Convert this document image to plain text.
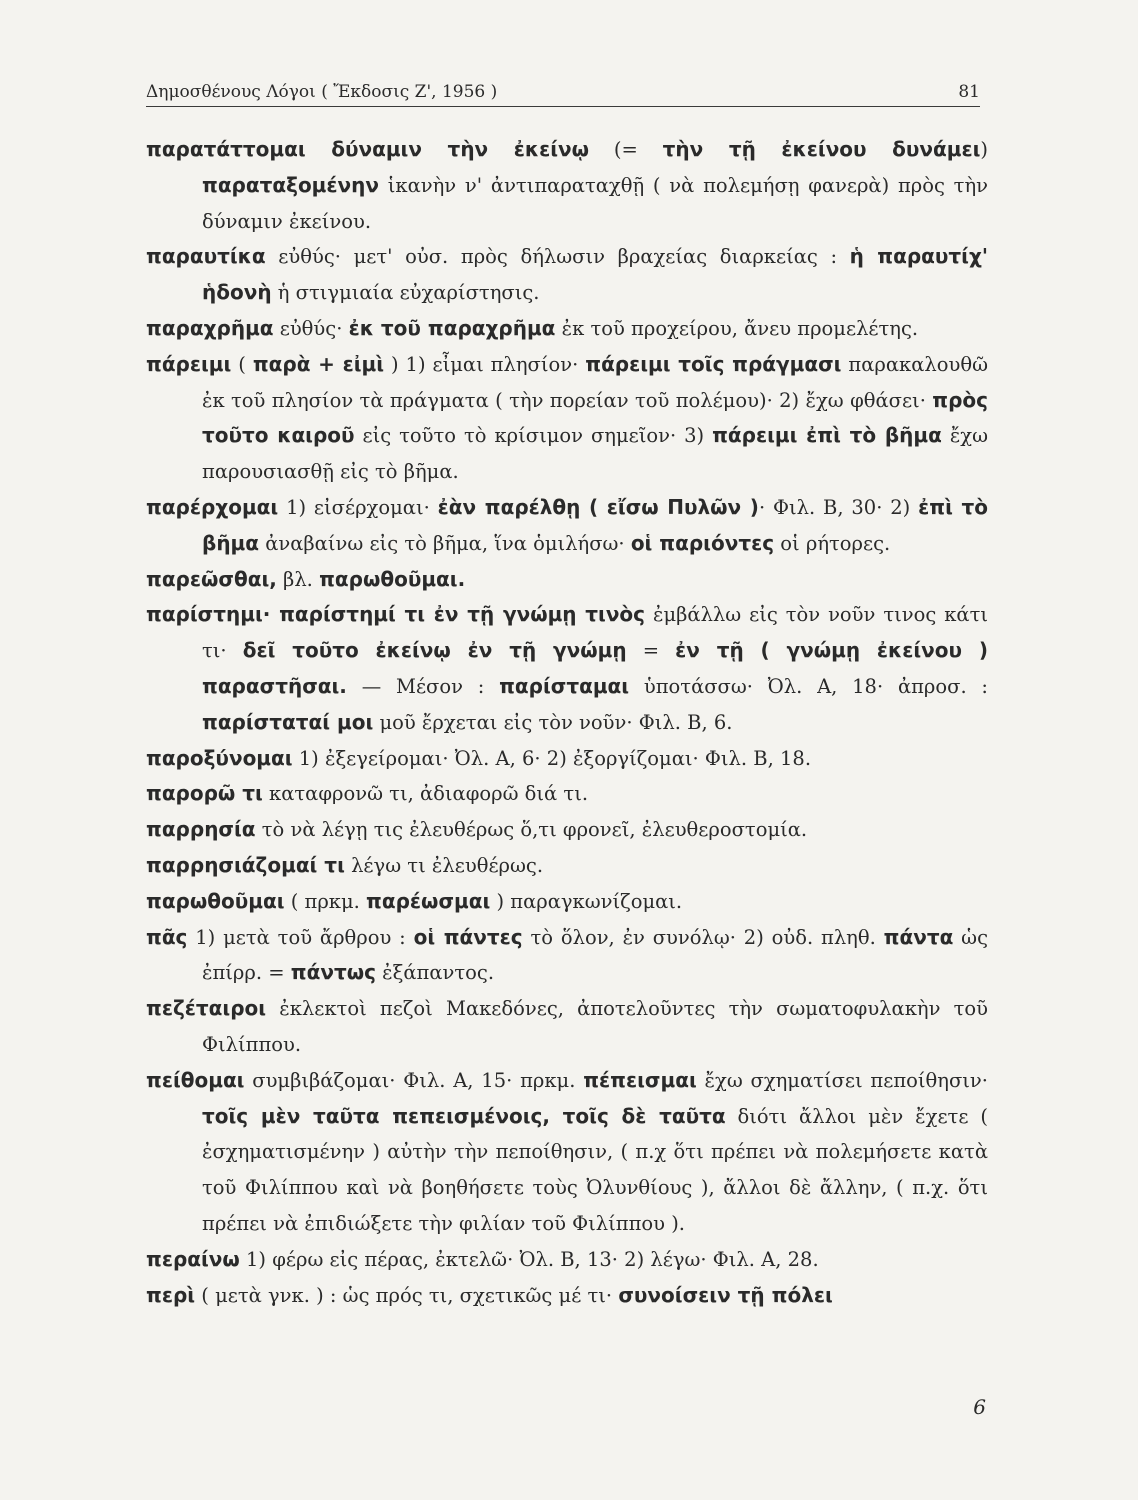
Δημοσθένους Λόγοι ( Ἔκδοσις Ζ', 1956 )	81
παρατάττομαι δύναμιν τὴν ἐκείνῳ (= τὴν τῇ ἐκείνου δυνάμει) παραταξομένην ἱκανὴν ν' ἀντιπαραταχθῇ ( νὰ πολεμήσῃ φανερὰ) πρὸς τὴν δύναμιν ἐκείνου.
παραυτίκα εὐθύς· μετ' οὐσ. πρὸς δήλωσιν βραχείας διαρκείας : ἡ παραυτίχ' ἡδονὴ ἡ στιγμιαία εὐχαρίστησις.
παραχρῆμα εὐθύς· ἐκ τοῦ παραχρῆμα ἐκ τοῦ προχείρου, ἄνευ προμελέτης.
πάρειμι ( παρὰ + εἰμὶ ) 1) εἶμαι πλησίον· πάρειμι τοῖς πράγμασι παρακαλουθῶ ἐκ τοῦ πλησίον τὰ πράγματα ( τὴν πορείαν τοῦ πολέμου)· 2) ἔχω φθάσει· πρὸς τοῦτο καιροῦ εἰς τοῦτο τὸ κρίσιμον σημεῖον· 3) πάρειμι ἐπὶ τὸ βῆμα ἔχω παρουσιασθῇ εἰς τὸ βῆμα.
παρέρχομαι 1) εἰσέρχομαι· ἐὰν παρέλθῃ ( εἴσω Πυλῶν )· Φιλ. Β, 30· 2) ἐπὶ τὸ βῆμα ἀναβαίνω εἰς τὸ βῆμα, ἵνα ὁμιλήσω· οἱ παριόντες οἱ ρήτορες.
παρεῶσθαι, βλ. παρωθοῦμαι.
παρίστημι· παρίστημί τι ἐν τῇ γνώμῃ τινὸς ἐμβάλλω εἰς τὸν νοῦν τινος κάτι τι· δεῖ τοῦτο ἐκείνῳ ἐν τῇ γνώμῃ = ἐν τῇ ( γνώμῃ ἐκείνου ) παραστῆσαι. — Μέσον : παρίσταμαι ὑποτάσσω· Ὀλ. Α, 18· ἀπροσ. : παρίσταταί μοι μοῦ ἔρχεται εἰς τὸν νοῦν· Φιλ. Β, 6.
παροξύνομαι 1) ἐξεγείρομαι· Ὀλ. Α, 6· 2) ἐξοργίζομαι· Φιλ. Β, 18.
παρορῶ τι καταφρονῶ τι, ἀδιαφορῶ διά τι.
παρρησία τὸ νὰ λέγῃ τις ἐλευθέρως ὅ,τι φρονεῖ, ἐλευθεροστομία.
παρρησιάζομαί τι λέγω τι ἐλευθέρως.
παρωθοῦμαι ( πρκμ. παρέωσμαι ) παραγκωνίζομαι.
πᾶς 1) μετὰ τοῦ ἄρθρου : οἱ πάντες τὸ ὅλον, ἐν συνόλῳ· 2) οὐδ. πληθ. πάντα ὡς ἐπίρρ. = πάντως ἐξάπαντος.
πεζέταιροι ἐκλεκτοὶ πεζοὶ Μακεδόνες, ἀποτελοῦντες τὴν σωματοφυλακὴν τοῦ Φιλίππου.
πείθομαι συμβιβάζομαι· Φιλ. Α, 15· πρκμ. πέπεισμαι ἔχω σχηματίσει πεποίθησιν· τοῖς μὲν ταῦτα πεπεισμένοις, τοῖς δὲ ταῦτα διότι ἄλλοι μὲν ἔχετε ( ἐσχηματισμένην ) αὐτὴν τὴν πεποίθησιν, ( π.χ ὅτι πρέπει νὰ πολεμήσετε κατὰ τοῦ Φιλίππου καὶ νὰ βοηθήσετε τοὺς Ὀλυνθίους ), ἄλλοι δὲ ἄλλην, ( π.χ. ὅτι πρέπει νὰ ἐπιδιώξετε τὴν φιλίαν τοῦ Φιλίππου ).
περαίνω 1) φέρω εἰς πέρας, ἐκτελῶ· Ὀλ. Β, 13· 2) λέγω· Φιλ. Α, 28.
περὶ ( μετὰ γνκ. ) : ὡς πρός τι, σχετικῶς μέ τι· συνοίσειν τῇ πόλει
6
